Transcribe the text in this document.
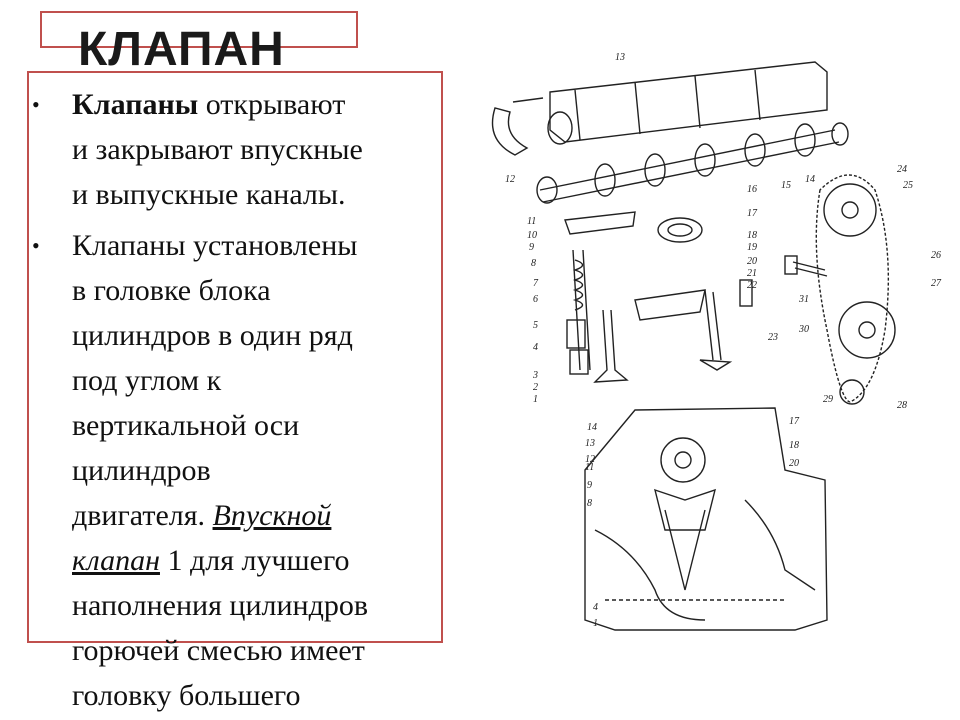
КЛАПАН
• Клапаны открывают
и закрывают впускные
и выпускные каналы.
• Клапаны установлены
в головке блока
цилиндров в один ряд
под углом к
вертикальной оси
цилиндров
двигателя. Впускной
клапан 1 для лучшего
наполнения цилиндров
горючей смесью имеет
головку большего
13
12
16 15
14
24
25
11
10
9
8
7
6
5
4
3
2
1
17
18
19
20
21
22
23
31
30
26
27
28
29
14
13
12
11
9
8
17
18
20
4
1
